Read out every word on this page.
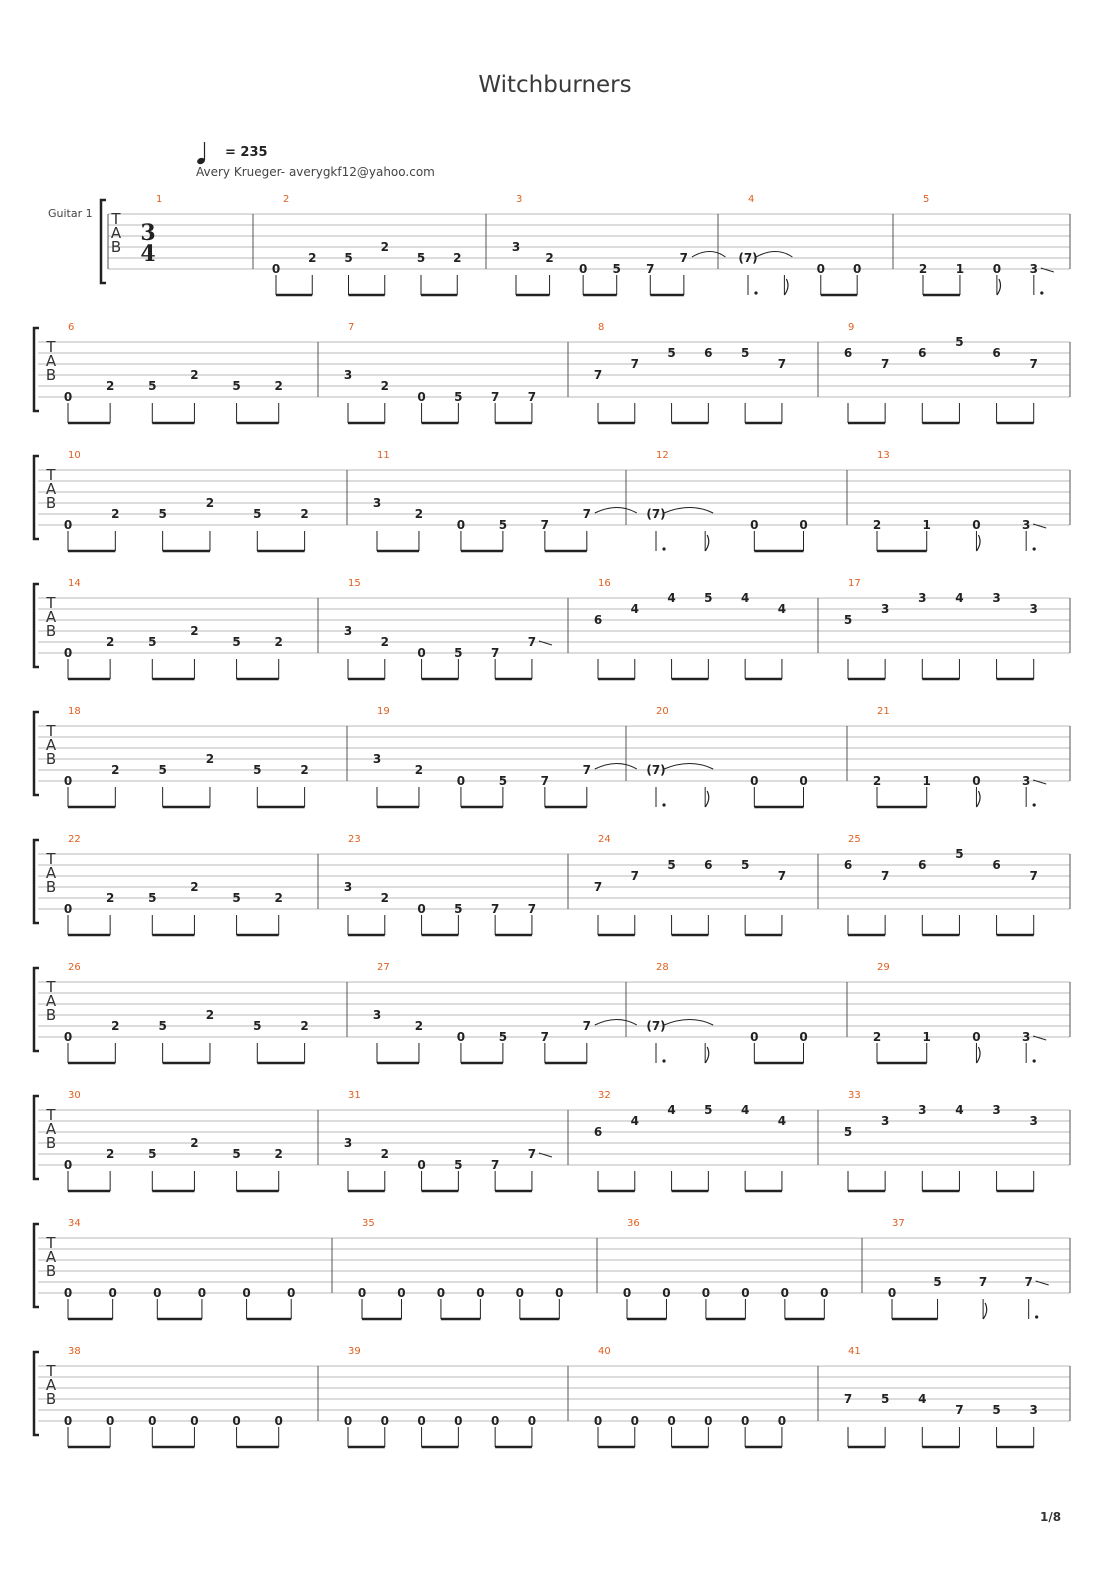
Witchburners
= 235
Avery Krueger- averygkf12@yahoo.com
Guitar 1 T
A
B
3
4
1	2
0
2 5
2
5 2
3
3
2
0 5 7
7
4
(7)
0 0
5
2 1 0 3
T
A
B
6
0
2	5
2
5	2
7
3
2
0 5 7 7
8
7
7
5 6 5
7
9
6
7
6
5
6
7
T
A
B
10
0
2	5
2
5	2
11
3
2
0	5	7
7
12
(7)
0	0
13
2	1	0	3
T
A
B
14
0
2	5
2
5	2
15
3
2
0 5 7
7
16
6
4
4 5 4
4
17
5
3
3 4 3
3
T
A
B
18
0
2	5
2
5	2
19
3
2
0	5	7
7
20
(7)
0	0
21
2	1	0	3
T
A
B
22
0
2	5
2
5	2
23
3
2
0 5 7 7
24
7
7
5 6 5
7
25
6
7
6
5
6
7
T
A
B
26
0
2	5
2
5	2
27
3
2
0	5	7
7
28
(7)
0	0
29
2	1	0	3
T
A
B
30
0
2	5
2
5	2
31
3
2
0 5 7
7
32
6
4
4 5 4
4
33
5
3
3 4 3
3
T
A
B
34
0	0	0	0	0	0
35
0	0	0	0	0	0
36
0	0	0	0	0	0
37
0
5	7	7
T
A
B
38
0	0	0	0	0	0
39
0 0 0 0 0 0
40
0 0 0 0 0 0
41
7 5 4
7 5 3
1/8
